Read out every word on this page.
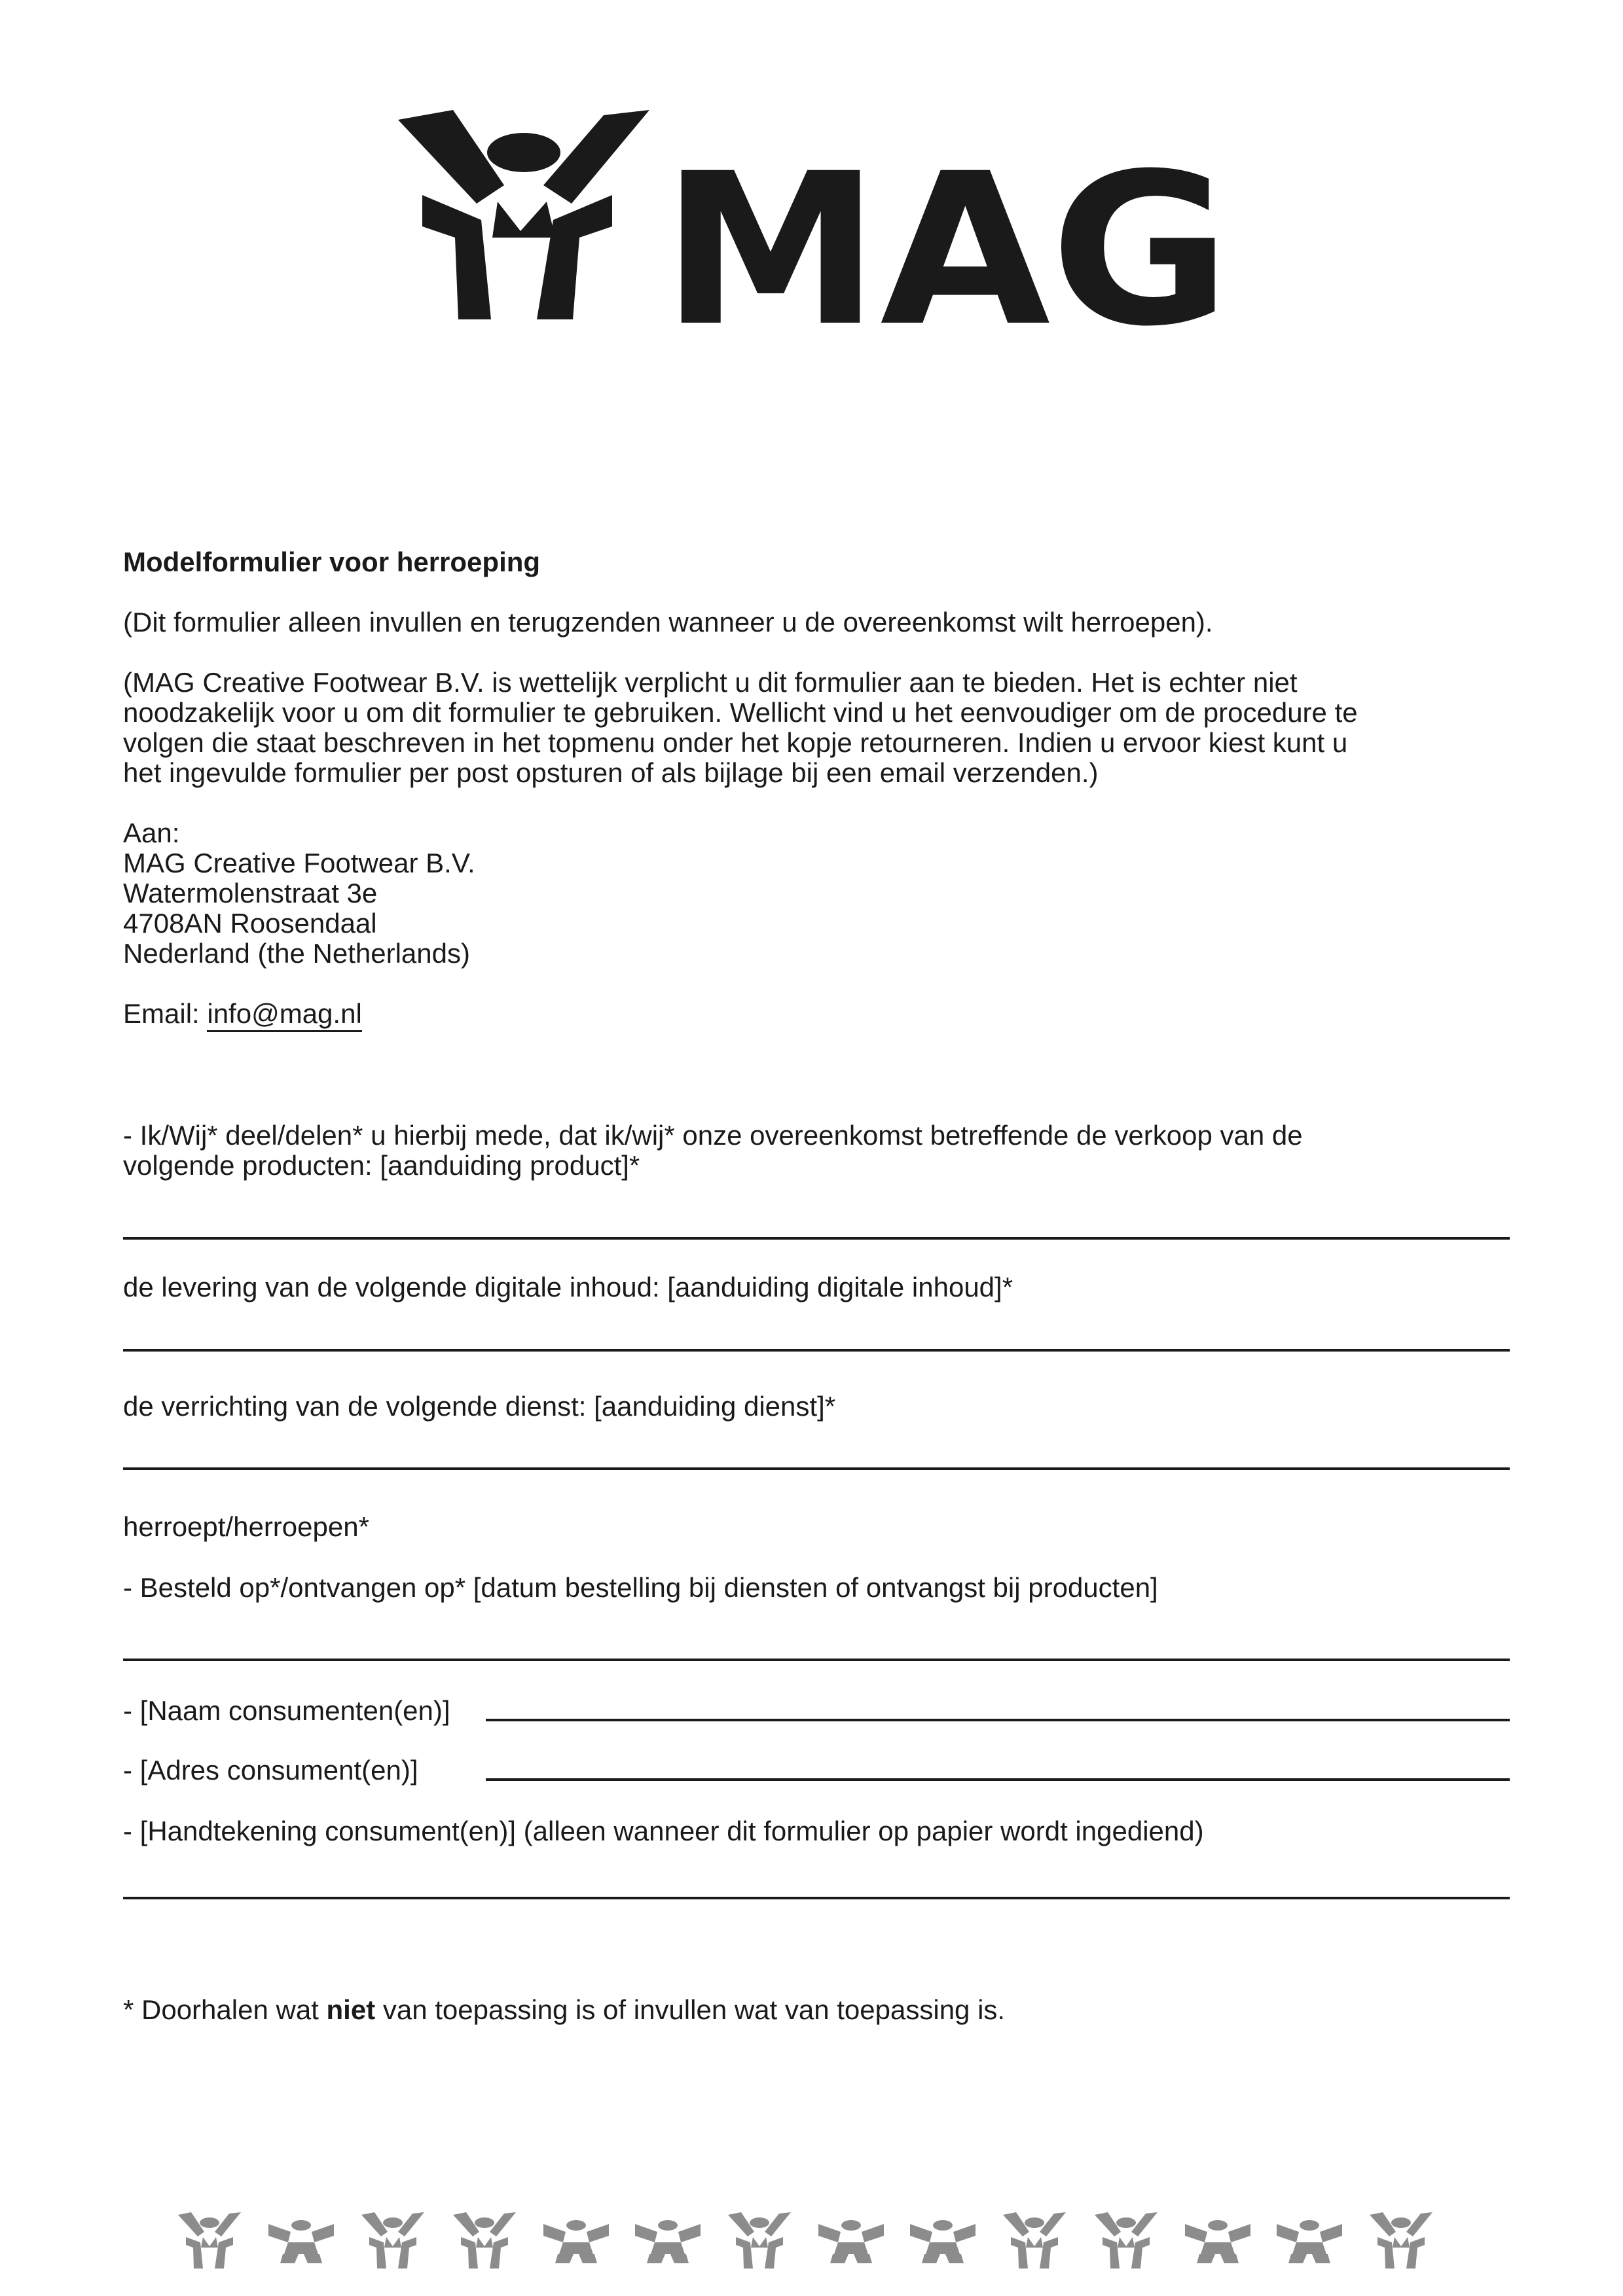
MAG

Modelformulier voor herroeping

(Dit formulier alleen invullen en terugzenden wanneer u de overeenkomst wilt herroepen).

(MAG Creative Footwear B.V. is wettelijk verplicht u dit formulier aan te bieden. Het is echter niet

noodzakelijk voor u om dit formulier te gebruiken. Wellicht vind u het eenvoudiger om de procedure te

volgen die staat beschreven in het topmenu onder het kopje retourneren. Indien u ervoor kiest kunt u

het ingevulde formulier per post opsturen of als bijlage bij een email verzenden.)

Aan:

MAG Creative Footwear B.V.

Watermolenstraat 3e

4708AN Roosendaal

Nederland (the Netherlands)

Email: info@mag.nl

- Ik/Wij* deel/delen* u hierbij mede, dat ik/wij* onze overeenkomst betreffende de verkoop van de

volgende producten: [aanduiding product]*

de levering van de volgende digitale inhoud: [aanduiding digitale inhoud]*

de verrichting van de volgende dienst: [aanduiding dienst]*

herroept/herroepen*

- Besteld op*/ontvangen op* [datum bestelling bij diensten of ontvangst bij producten]

- [Naam consumenten(en)]

- [Adres consument(en)]

- [Handtekening consument(en)] (alleen wanneer dit formulier op papier wordt ingediend)

* Doorhalen wat niet van toepassing is of invullen wat van toepassing is.
